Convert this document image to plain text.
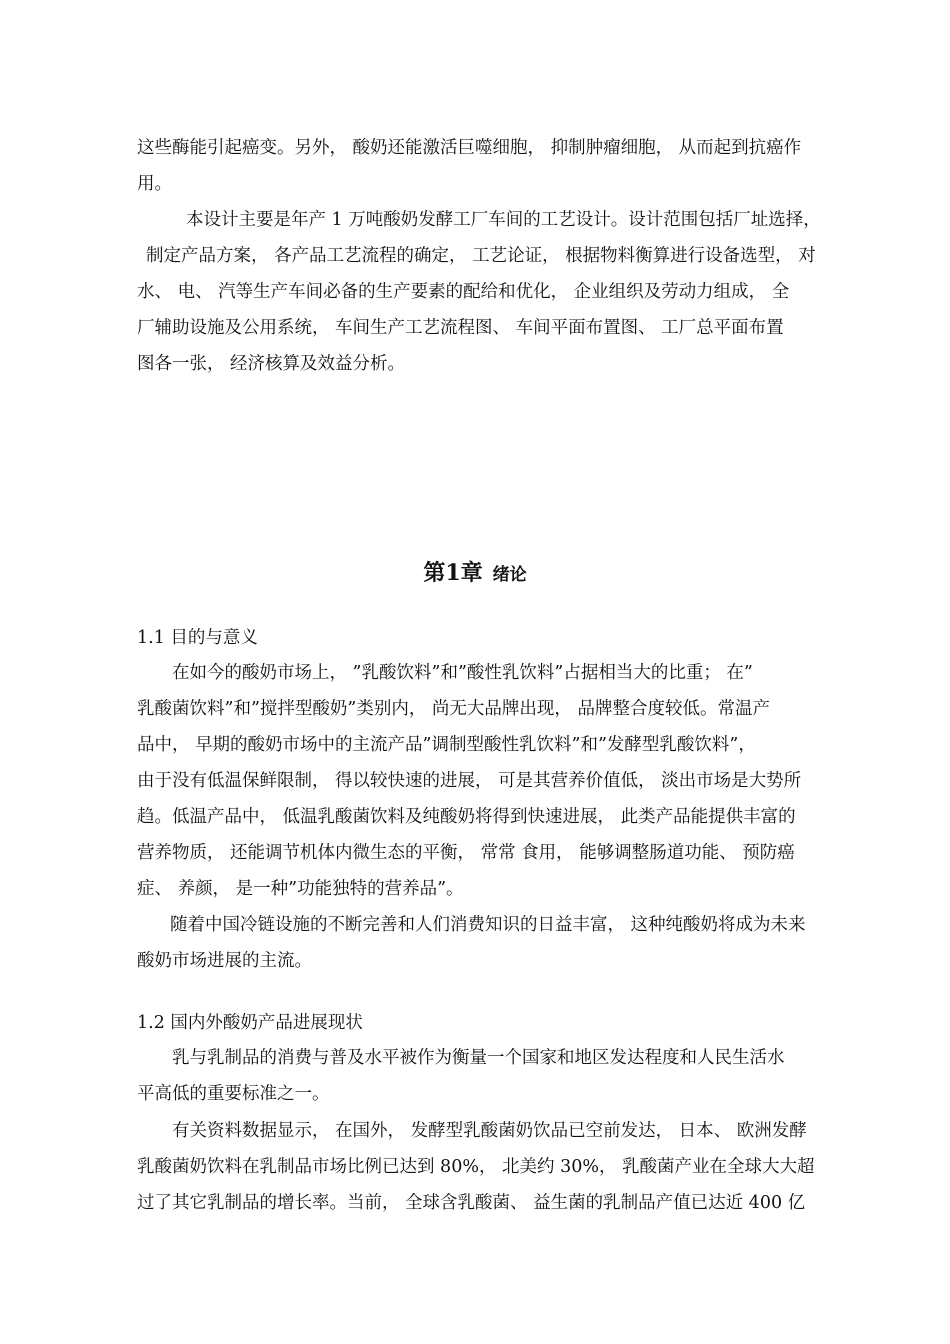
这些酶能引起癌变。另外， 酸奶还能激活巨噬细胞， 抑制肿瘤细胞， 从而起到抗癌作
用。
本设计主要是年产 1 万吨酸奶发酵工厂车间的工艺设计。设计范围包括厂址选择，
制定产品方案， 各产品工艺流程的确定， 工艺论证， 根据物料衡算进行设备选型， 对
水、 电、 汽等生产车间必备的生产要素的配给和优化， 企业组织及劳动力组成， 全
厂辅助设施及公用系统， 车间生产工艺流程图、 车间平面布置图、 工厂总平面布置
图各一张， 经济核算及效益分析。
第1章 绪论
1.1 目的与意义
在如今的酸奶市场上， ”乳酸饮料”和”酸性乳饮料”占据相当大的比重； 在”
乳酸菌饮料”和”搅拌型酸奶”类别内， 尚无大品牌出现， 品牌整合度较低。常温产
品中， 早期的酸奶市场中的主流产品”调制型酸性乳饮料”和”发酵型乳酸饮料”，
由于没有低温保鲜限制， 得以较快速的进展， 可是其营养价值低， 淡出市场是大势所
趋。低温产品中， 低温乳酸菌饮料及纯酸奶将得到快速进展， 此类产品能提供丰富的
营养物质， 还能调节机体内微生态的平衡， 常常 食用， 能够调整肠道功能、 预防癌
症、 养颜， 是一种”功能独特的营养品”。
随着中国冷链设施的不断完善和人们消费知识的日益丰富， 这种纯酸奶将成为未来
酸奶市场进展的主流。
1.2 国内外酸奶产品进展现状
乳与乳制品的消费与普及水平被作为衡量一个国家和地区发达程度和人民生活水
平高低的重要标准之一。
有关资料数据显示， 在国外， 发酵型乳酸菌奶饮品已空前发达， 日本、 欧洲发酵
乳酸菌奶饮料在乳制品市场比例已达到 80%， 北美约 30%， 乳酸菌产业在全球大大超
过了其它乳制品的增长率。当前， 全球含乳酸菌、 益生菌的乳制品产值已达近 400 亿
